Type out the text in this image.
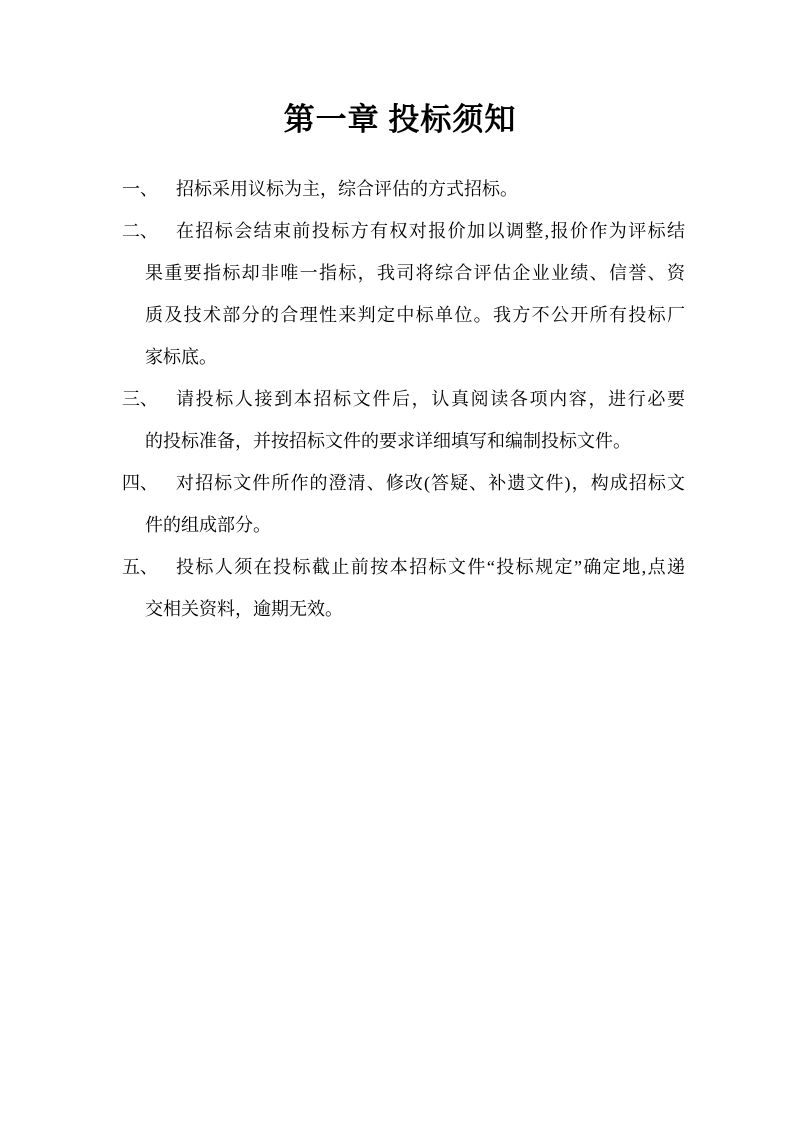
第一章 投标须知
一、	招标采用议标为主，综合评估的方式招标。
二、	在招标会结束前投标方有权对报价加以调整,报价作为评标结
果重要指标却非唯一指标，我司将综合评估企业业绩、信誉、资
质及技术部分的合理性来判定中标单位。我方不公开所有投标厂
家标底。
三、	请投标人接到本招标文件后，认真阅读各项内容，进行必要
的投标准备，并按招标文件的要求详细填写和编制投标文件。
四、	对招标文件所作的澄清、修改(答疑、补遗文件)，构成招标文
件的组成部分。
五、	投标人须在投标截止前按本招标文件“投标规定”确定地,点递
交相关资料，逾期无效。
